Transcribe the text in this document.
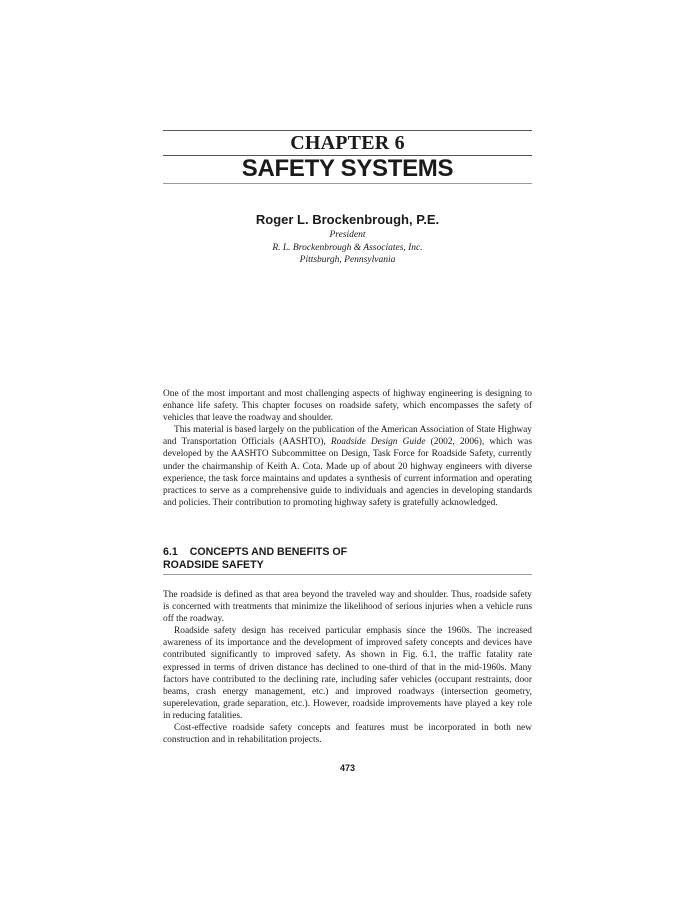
CHAPTER 6
SAFETY SYSTEMS
Roger L. Brockenbrough, P.E.
President
R. L. Brockenbrough & Associates, Inc.
Pittsburgh, Pennsylvania

One of the most important and most challenging aspects of highway engineering is designing to enhance life safety. This chapter focuses on roadside safety, which encompasses the safety of vehicles that leave the roadway and shoulder.

This material is based largely on the publication of the American Association of State Highway and Transportation Officials (AASHTO), Roadside Design Guide (2002, 2006), which was developed by the AASHTO Subcommittee on Design, Task Force for Roadside Safety, currently under the chairmanship of Keith A. Cota. Made up of about 20 highway engineers with diverse experience, the task force maintains and updates a synthesis of current information and operating practices to serve as a comprehensive guide to individuals and agencies in developing standards and policies. Their contribution to promoting highway safety is gratefully acknowledged.

6.1 CONCEPTS AND BENEFITS OF
ROADSIDE SAFETY

The roadside is defined as that area beyond the traveled way and shoulder. Thus, roadside safety is concerned with treatments that minimize the likelihood of serious injuries when a vehicle runs off the roadway.

Roadside safety design has received particular emphasis since the 1960s. The increased awareness of its importance and the development of improved safety concepts and devices have contributed significantly to improved safety. As shown in Fig. 6.1, the traffic fatality rate expressed in terms of driven distance has declined to one-third of that in the mid-1960s. Many factors have contributed to the declining rate, including safer vehicles (occupant restraints, door beams, crash energy management, etc.) and improved roadways (intersection geometry, superelevation, grade separation, etc.). However, roadside improvements have played a key role in reducing fatalities.

Cost-effective roadside safety concepts and features must be incorporated in both new construction and in rehabilitation projects.

473
